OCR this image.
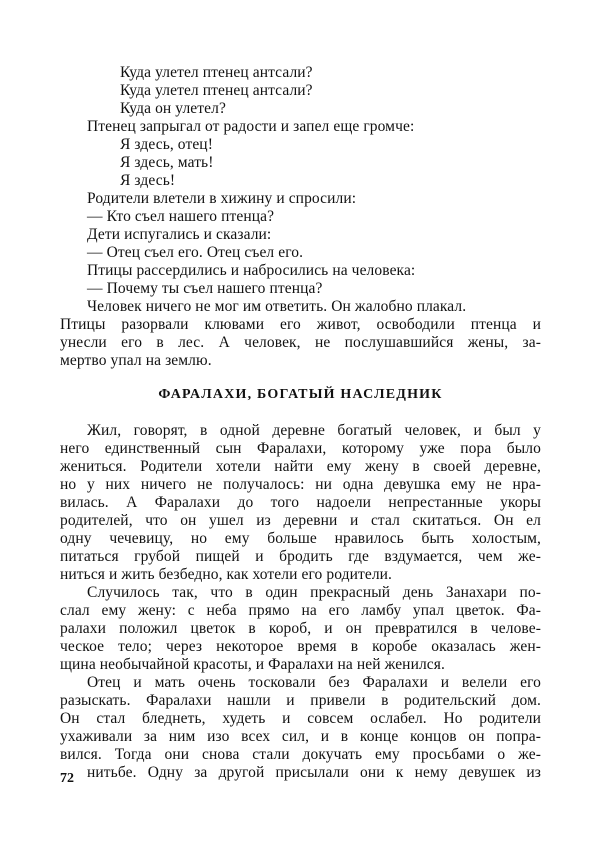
Куда улетел птенец антсали?
Куда улетел птенец антсали?
Куда он улетел?
Птенец запрыгал от радости и запел еще громче:
Я здесь, отец!
Я здесь, мать!
Я здесь!
Родители влетели в хижину и спросили:
— Кто съел нашего птенца?
Дети испугались и сказали:
— Отец съел его. Отец съел его.
Птицы рассердились и набросились на человека:
— Почему ты съел нашего птенца?
Человек ничего не мог им ответить. Он жалобно плакал.
Птицы разорвали клювами его живот, освободили птенца и
унесли его в лес. А человек, не послушавшийся жены, за-
мертво упал на землю.
ФАРАЛАХИ, БОГАТЫЙ НАСЛЕДНИК
Жил, говорят, в одной деревне богатый человек, и был у
него единственный сын Фаралахи, которому уже пора было
жениться. Родители хотели найти ему жену в своей деревне,
но у них ничего не получалось: ни одна девушка ему не нра-
вилась. А Фаралахи до того надоели непрестанные укоры
родителей, что он ушел из деревни и стал скитаться. Он ел
одну чечевицу, но ему больше нравилось быть холостым,
питаться грубой пищей и бродить где вздумается, чем же-
ниться и жить безбедно, как хотели его родители.
Случилось так, что в один прекрасный день Занахари по-
слал ему жену: с неба прямо на его ламбу упал цветок. Фа-
ралахи положил цветок в короб, и он превратился в челове-
ческое тело; через некоторое время в коробе оказалась жен-
щина необычайной красоты, и Фаралахи на ней женился.
Отец и мать очень тосковали без Фаралахи и велели его
разыскать. Фаралахи нашли и привели в родительский дом.
Он стал бледнеть, худеть и совсем ослабел. Но родители
ухаживали за ним изо всех сил, и в конце концов он попра-
вился. Тогда они снова стали докучать ему просьбами о же-
нитьбе. Одну за другой присылали они к нему девушек из
72
